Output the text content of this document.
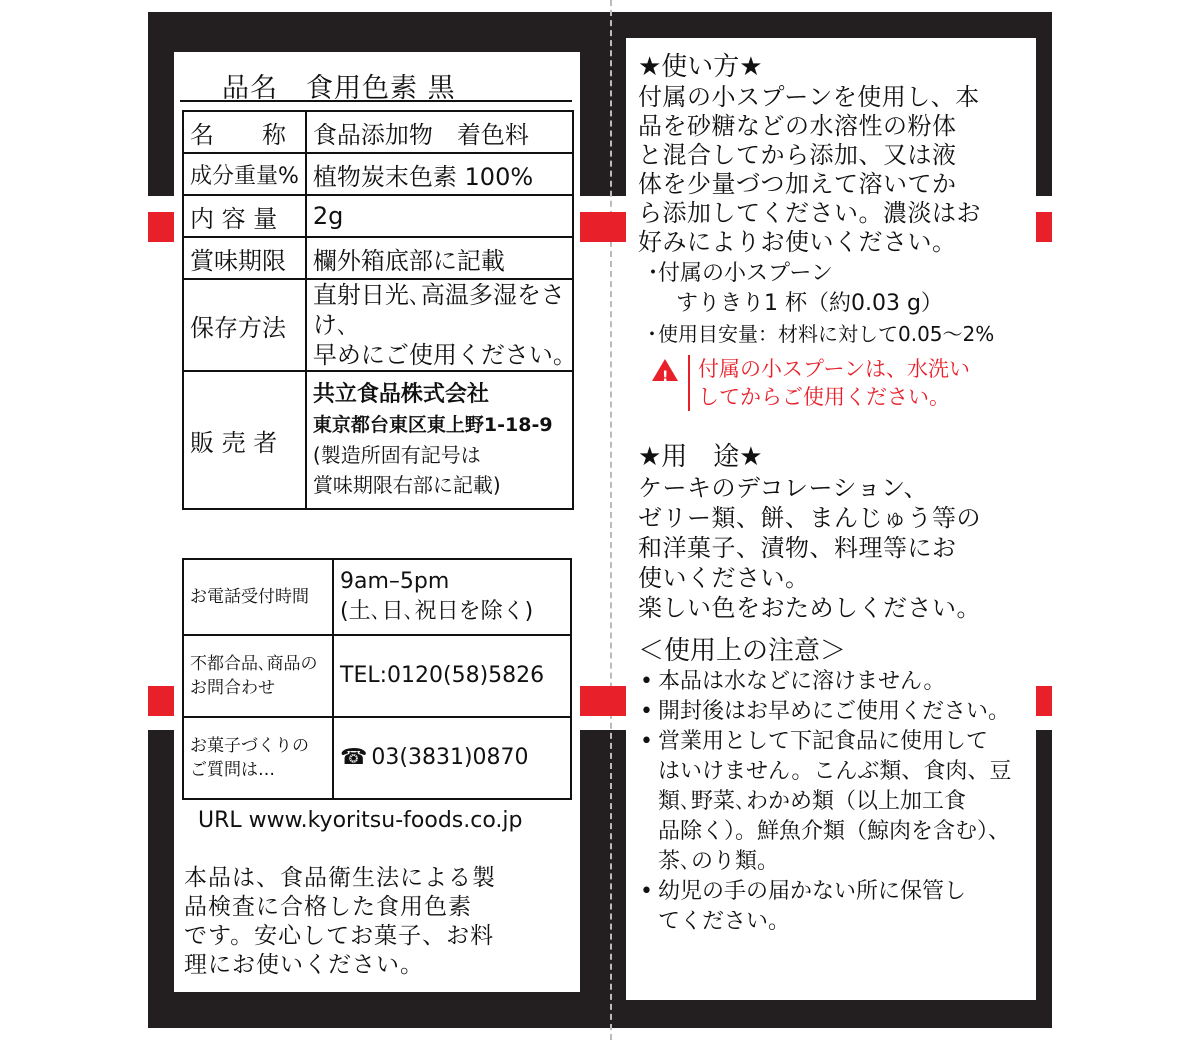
品名　食用色素 黒
名　　称	食品添加物　着色料
成分重量%	植物炭末色素 100%
内 容 量	2g
賞味期限	欄外箱底部に記載
保存方法	直射日光､高温多湿をさけ､
早めにご使用ください｡

販 売 者	共立食品株式会社
東京都台東区東上野1-18-9
(製造所固有記号は
賞味期限右部に記載)
お電話受付時間	9am–5pm
(土､日､祝日を除く)

不都合品､商品の
お問合わせ	TEL:0120(58)5826

お菓子づくりの
ご質問は…	☎ 03(3831)0870
URL www.kyoritsu-foods.co.jp
本品は、食品衛生法による製
品検査に合格した食用色素
です。安心してお菓子、お料
理にお使いください。
★使い方★
付属の小スプーンを使用し、本
品を砂糖などの水溶性の粉体
と混合してから添加、又は液
体を少量づつ加えて溶いてか
ら添加してください。濃淡はお
好みによりお使いください。
・
付属の小スプーン
すりきり1 杯（約0.03 g）
・
使用目安量：材料に対して0.05〜2%
!
付属の小スプーンは、水洗い
してからご使用ください。
★用　途★
ケーキのデコレーション、
ゼリー類、餅、まんじゅう等の
和洋菓子、漬物、料理等にお
使いください。
楽しい色をおためしください。
＜使用上の注意＞
• 本品は水などに溶けません。
• 開封後はお早めにご使用ください。
• 営業用として下記食品に使用して
はいけません。こんぶ類、食肉、豆
類､野菜､わかめ類（以上加工食
品除く）。鮮魚介類（鯨肉を含む）、
茶､のり類。
• 幼児の手の届かない所に保管し
てください。
